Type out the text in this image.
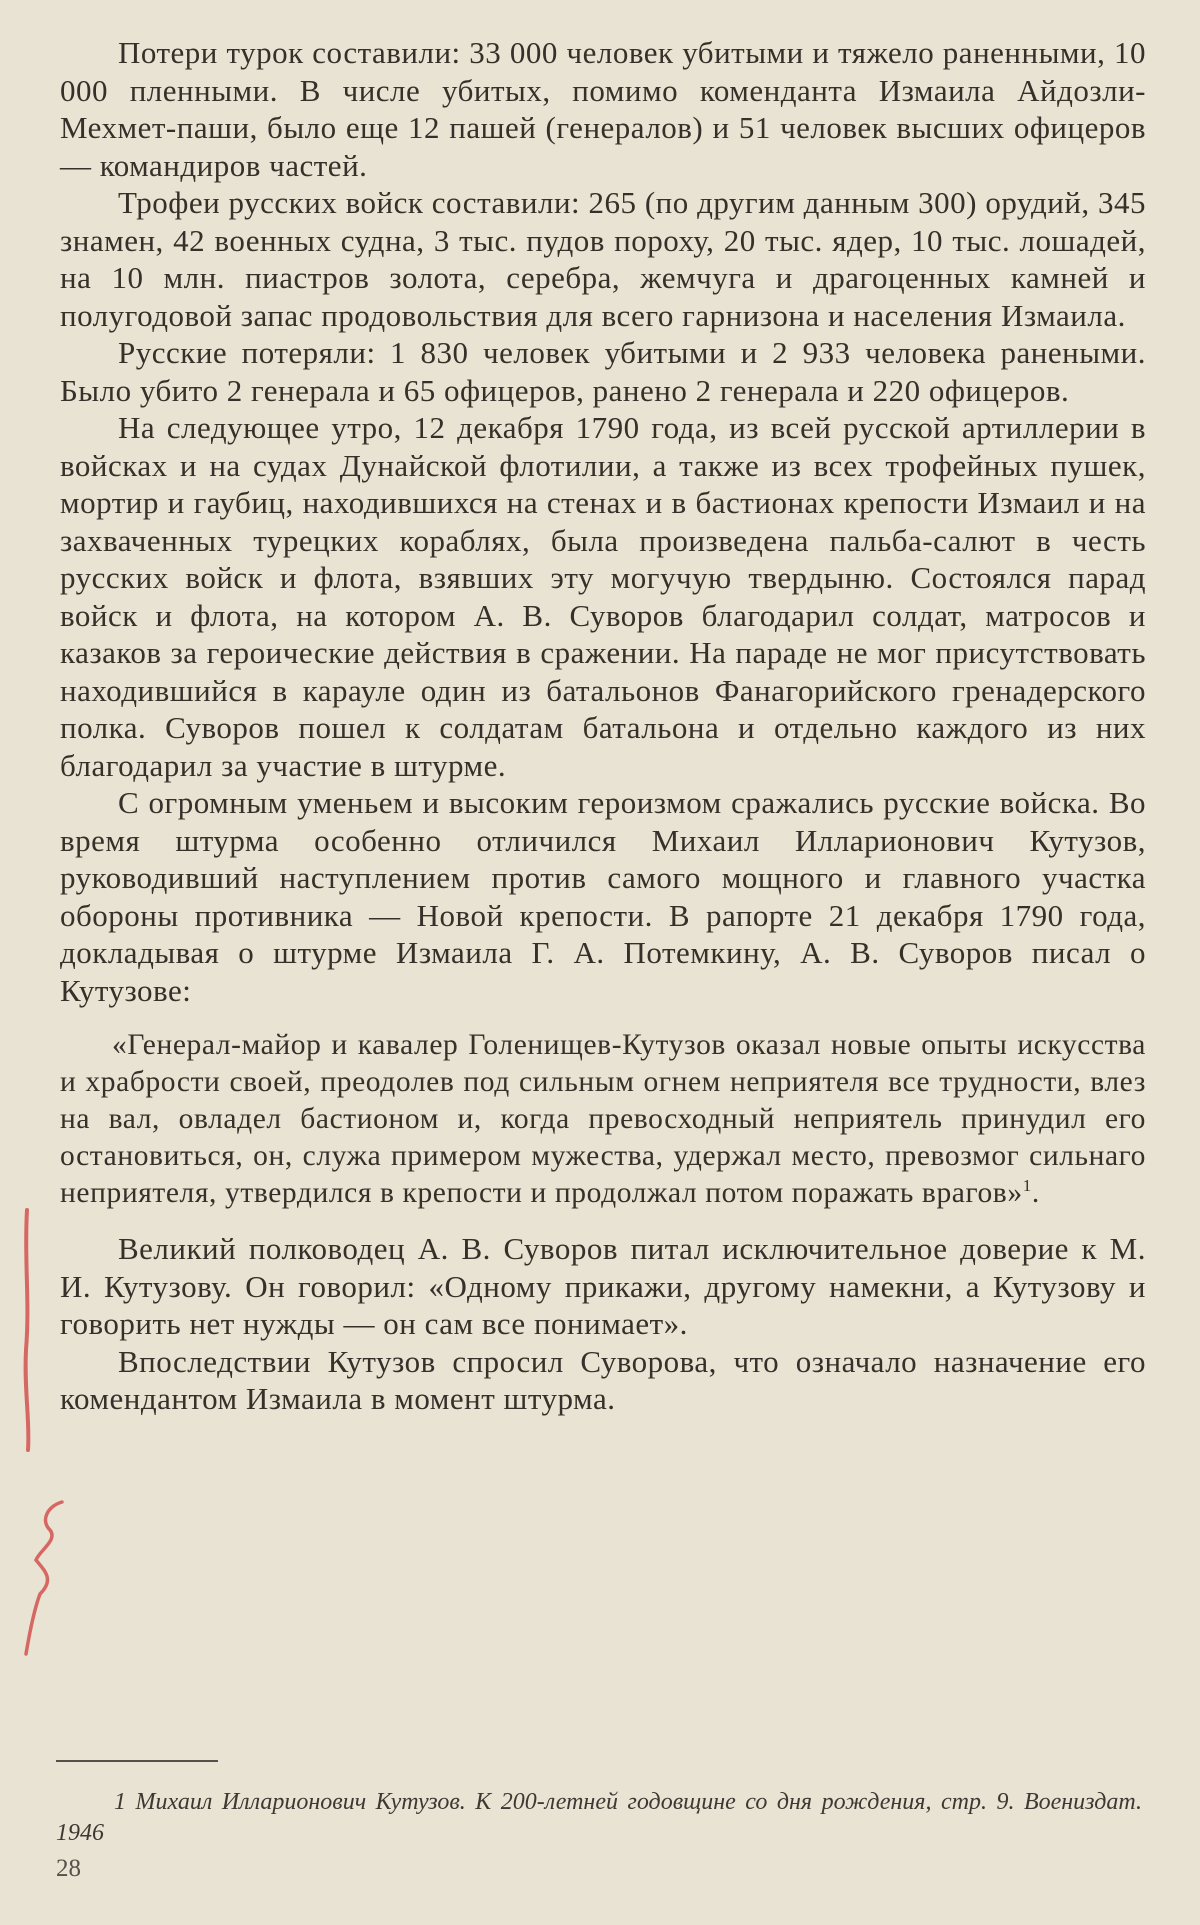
Потери турок составили: 33 000 человек убитыми и тяжело раненными, 10 000 пленными. В числе убитых, помимо коменданта Измаила Айдозли-Мехмет-паши, было еще 12 пашей (генералов) и 51 человек высших офицеров — командиров частей.

Трофеи русских войск составили: 265 (по другим данным 300) орудий, 345 знамен, 42 военных судна, 3 тыс. пудов пороху, 20 тыс. ядер, 10 тыс. лошадей, на 10 млн. пиастров золота, серебра, жемчуга и драгоценных камней и полугодовой запас продовольствия для всего гарнизона и населения Измаила.

Русские потеряли: 1 830 человек убитыми и 2 933 человека ранеными. Было убито 2 генерала и 65 офицеров, ранено 2 генерала и 220 офицеров.

На следующее утро, 12 декабря 1790 года, из всей русской артиллерии в войсках и на судах Дунайской флотилии, а также из всех трофейных пушек, мортир и гаубиц, находившихся на стенах и в бастионах крепости Измаил и на захваченных турецких кораблях, была произведена пальба-салют в честь русских войск и флота, взявших эту могучую твердыню. Состоялся парад войск и флота, на котором А. В. Суворов благодарил солдат, матросов и казаков за героические действия в сражении. На параде не мог присутствовать находившийся в карауле один из батальонов Фанагорийского гренадерского полка. Суворов пошел к солдатам батальона и отдельно каждого из них благодарил за участие в штурме.

С огромным уменьем и высоким героизмом сражались русские войска. Во время штурма особенно отличился Михаил Илларионович Кутузов, руководивший наступлением против самого мощного и главного участка обороны противника — Новой крепости. В рапорте 21 декабря 1790 года, докладывая о штурме Измаила Г. А. Потемкину, А. В. Суворов писал о Кутузове:

«Генерал-майор и кавалер Голенищев-Кутузов оказал новые опыты искусства и храбрости своей, преодолев под сильным огнем неприятеля все трудности, влез на вал, овладел бастионом и, когда превосходный неприятель принудил его остановиться, он, служа примером мужества, удержал место, превозмог сильнаго неприятеля, утвердился в крепости и продолжал потом поражать врагов»$^1$.

Великий полководец А. В. Суворов питал исключительное доверие к М. И. Кутузову. Он говорил: «Одному прикажи, другому намекни, а Кутузову и говорить нет нужды — он сам все понимает».

Впоследствии Кутузов спросил Суворова, что означало назначение его комендантом Измаила в момент штурма.

1 Михаил Илларионович Кутузов. К 200-летней годовщине со дня рождения, стр. 9. Воениздат. 1946

28
